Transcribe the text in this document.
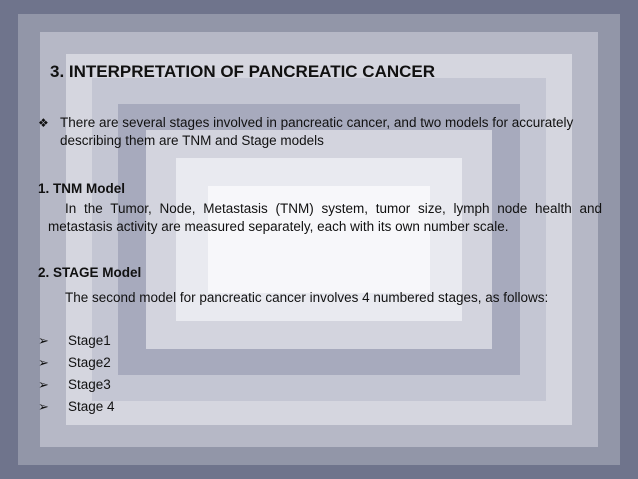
3. INTERPRETATION OF PANCREATIC CANCER
❖ There are several stages involved in pancreatic cancer, and two models for accurately describing them are TNM and Stage models
1. TNM Model
In the Tumor, Node, Metastasis (TNM) system, tumor size, lymph node health and metastasis activity are measured separately, each with its own number scale.
2. STAGE Model
The second model for pancreatic cancer involves 4 numbered stages, as follows:
➢	Stage1
➢	Stage2
➢	Stage3
➢	Stage 4
